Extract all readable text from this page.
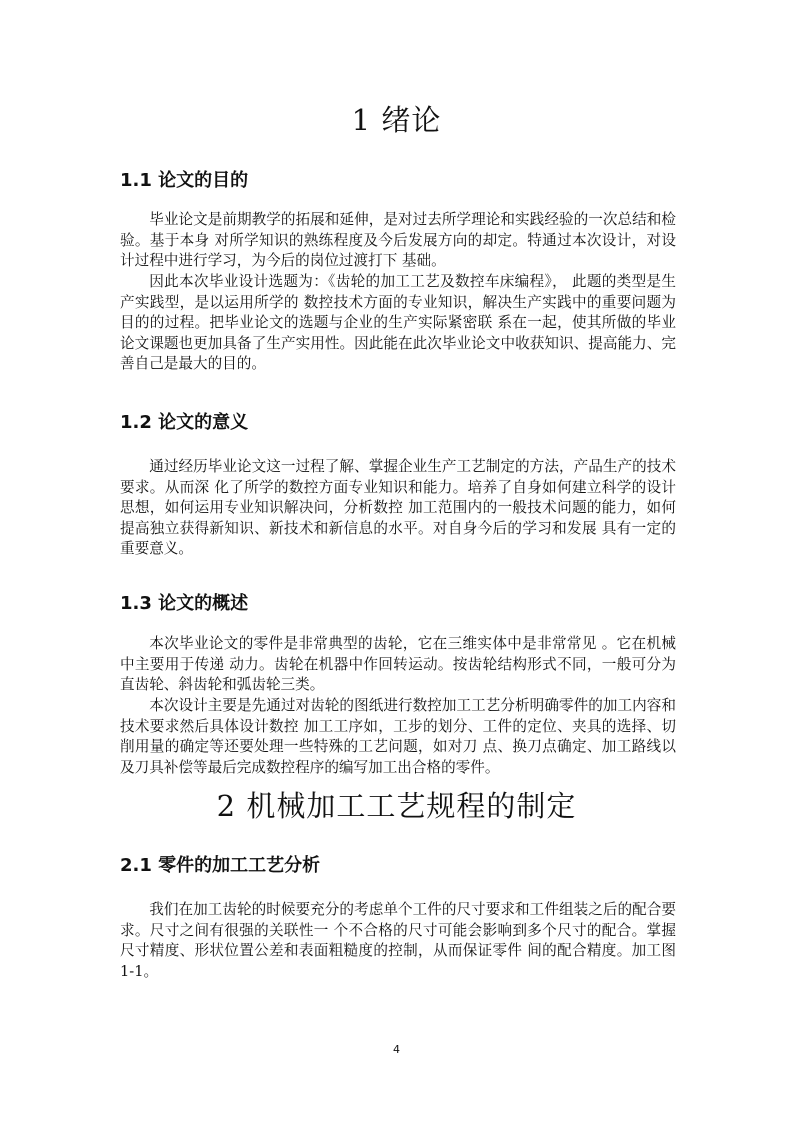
1 绪论
1.1 论文的目的

毕业论文是前期教学的拓展和延伸，是对过去所学理论和实践经验的一次总结和检验。基于本身 对所学知识的熟练程度及今后发展方向的却定。特通过本次设计，对设计过程中进行学习，为今后的岗位过渡打下 基础。

因此本次毕业设计选题为：《齿轮的加工工艺及数控车床编程》， 此题的类型是生产实践型，是以运用所学的 数控技术方面的专业知识，解决生产实践中的重要问题为目的的过程。把毕业论文的选题与企业的生产实际紧密联 系在一起，使其所做的毕业论文课题也更加具备了生产实用性。因此能在此次毕业论文中收获知识、提高能力、完 善自己是最大的目的。

1.2 论文的意义

通过经历毕业论文这一过程了解、掌握企业生产工艺制定的方法，产品生产的技术要求。从而深 化了所学的数控方面专业知识和能力。培养了自身如何建立科学的设计思想，如何运用专业知识解决问，分析数控 加工范围内的一般技术问题的能力，如何提高独立获得新知识、新技术和新信息的水平。对自身今后的学习和发展 具有一定的重要意义。

1.3 论文的概述

本次毕业论文的零件是非常典型的齿轮，它在三维实体中是非常常见 。它在机械中主要用于传递 动力。齿轮在机器中作回转运动。按齿轮结构形式不同，一般可分为直齿轮、斜齿轮和弧齿轮三类。

本次设计主要是先通过对齿轮的图纸进行数控加工工艺分析明确零件的加工内容和技术要求然后具体设计数控 加工工序如，工步的划分、工件的定位、夹具的选择、切削用量的确定等还要处理一些特殊的工艺问题，如对刀 点、换刀点确定、加工路线以及刀具补偿等最后完成数控程序的编写加工出合格的零件。

2 机械加工工艺规程的制定
2.1 零件的加工工艺分析

我们在加工齿轮的时候要充分的考虑单个工件的尺寸要求和工件组装之后的配合要求。尺寸之间有很强的关联性一 个不合格的尺寸可能会影响到多个尺寸的配合。掌握尺寸精度、形状位置公差和表面粗糙度的控制，从而保证零件 间的配合精度。加工图 1-1。

4
